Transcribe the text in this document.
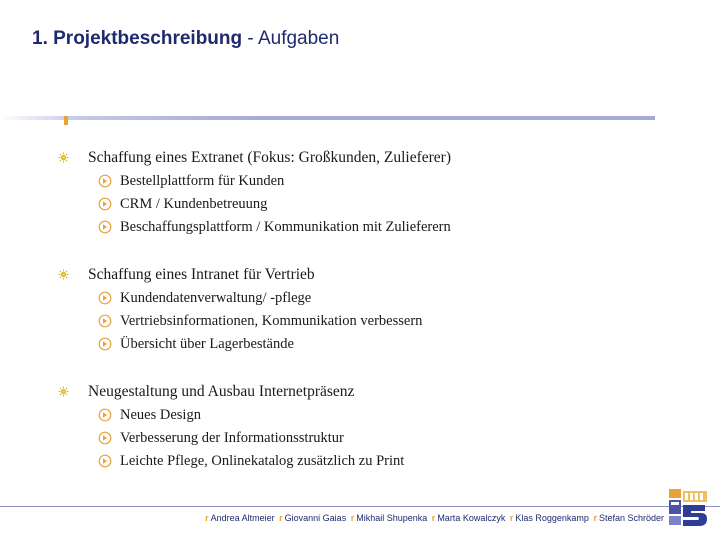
1. Projektbeschreibung - Aufgaben
Schaffung eines Extranet (Fokus: Großkunden, Zulieferer)
Bestellplattform für Kunden
CRM / Kundenbetreuung
Beschaffungsplattform / Kommunikation mit Zulieferern
Schaffung eines Intranet für Vertrieb
Kundendatenverwaltung/ -pflege
Vertriebsinformationen, Kommunikation verbessern
Übersicht über Lagerbestände
Neugestaltung und Ausbau Internetpräsenz
Neues Design
Verbesserung der Informationsstruktur
Leichte Pflege, Onlinekatalog zusätzlich zu Print
r Andrea Altmeier r Giovanni Gaias r Mikhail Shupenka r Marta Kowalczyk r Klas Roggenkamp r Stefan Schröder
